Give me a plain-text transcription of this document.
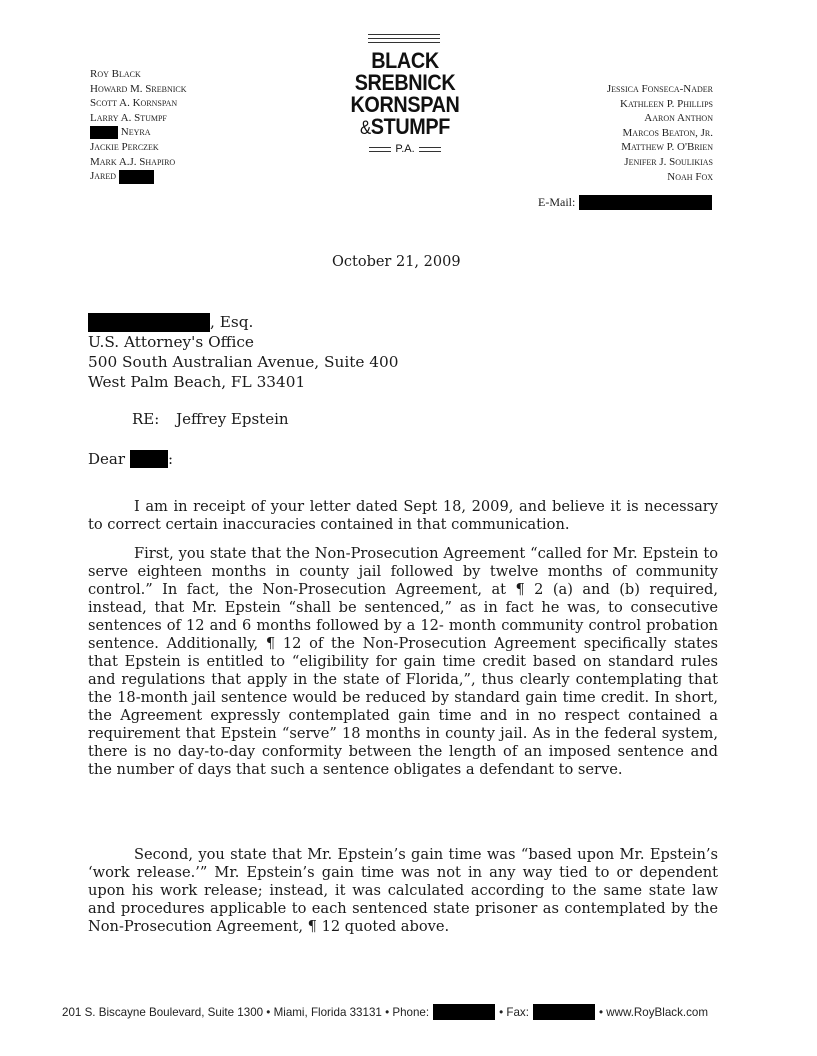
Roy Black
Howard M. Srebnick
Scott A. Kornspan
Larry A. Stumpf
Neyra
Jackie Perczek
Mark A.J. Shapiro
Jared
BLACK
SREBNICK
KORNSPAN
&STUMPF
P.A.
Jessica Fonseca-Nader
Kathleen P. Phillips
Aaron Anthon
Marcos Beaton, Jr.
Matthew P. O'Brien
Jenifer J. Soulikias
Noah Fox
E-Mail:
October 21, 2009
, Esq.
U.S. Attorney's Office
500 South Australian Avenue, Suite 400
West Palm Beach, FL 33401
RE: Jeffrey Epstein
Dear	:

I am in receipt of your letter dated Sept 18, 2009, and believe it is necessary to correct certain inaccuracies contained in that communication.

First, you state that the Non-Prosecution Agreement “called for Mr. Epstein to serve eighteen months in county jail followed by twelve months of community control.” In fact, the Non-Prosecution Agreement, at ¶ 2 (a) and (b) required, instead, that Mr. Epstein “shall be sentenced,” as in fact he was, to consecutive sentences of 12 and 6 months followed by a 12- month community control probation sentence. Additionally, ¶ 12 of the Non-Prosecution Agreement specifically states that Epstein is entitled to “eligibility for gain time credit based on standard rules and regulations that apply in the state of Florida,”, thus clearly contemplating that the 18-month jail sentence would be reduced by standard gain time credit. In short, the Agreement expressly contemplated gain time and in no respect contained a requirement that Epstein “serve” 18 months in county jail. As in the federal system, there is no day-to-day conformity between the length of an imposed sentence and the number of days that such a sentence obligates a defendant to serve.

Second, you state that Mr. Epstein’s gain time was “based upon Mr. Epstein’s ‘work release.’” Mr. Epstein’s gain time was not in any way tied to or dependent upon his work release; instead, it was calculated according to the same state law and procedures applicable to each sentenced state prisoner as contemplated by the Non-Prosecution Agreement, ¶ 12 quoted above.

201 S. Biscayne Boulevard, Suite 1300 • Miami, Florida 33131 • Phone:	• Fax:	• www.RoyBlack.com
